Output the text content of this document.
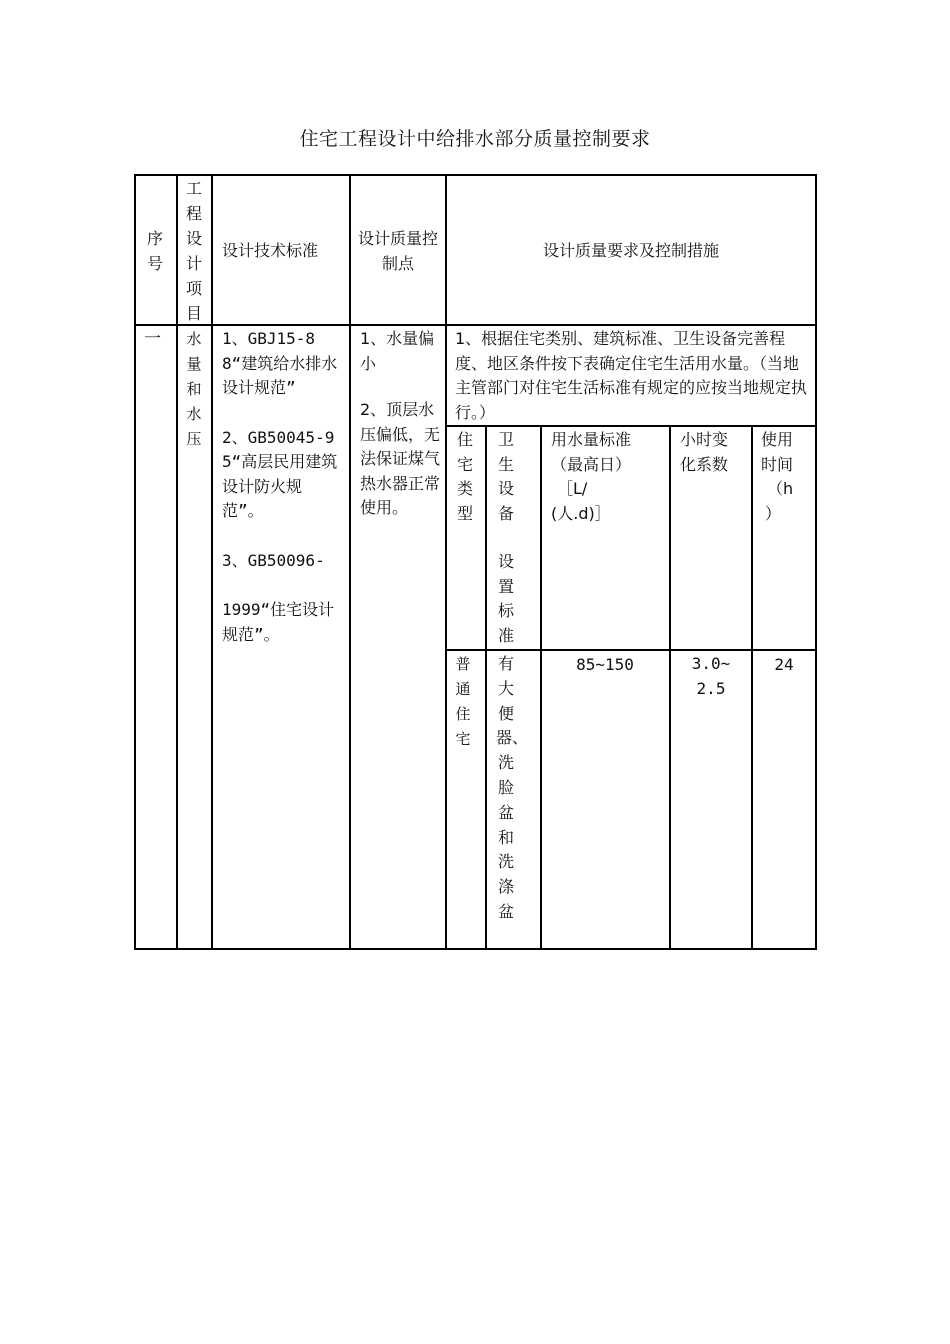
住宅工程设计中给排水部分质量控制要求
序号
工程设计项目
设计技术标准
设计质量控制点
设计质量要求及控制措施
一 水量和水压

1、GBJ15-88“建筑给水排水设计规范”

2、GB50045-95“高层民用建筑设计防火规范”。

3、GB50096-

1999“住宅设计规范”。

1、水量偏小

2、顶层水压偏低，无法保证煤气热水器正常使用。

1、根据住宅类别、建筑标准、卫生设备完善程度、地区条件按下表确定住宅生活用水量。（当地主管部门对住宅生活标准有规定的应按当地规定执行。）
住宅类型

卫生设备

设置标准

用水量标准

（最高日）

［L/

(人.d)］

小时变

化系数

使用

时间

（h

）

普通住宅
有大便器、洗脸盆和洗涤盆
85~150	3.0~

2.5

24
